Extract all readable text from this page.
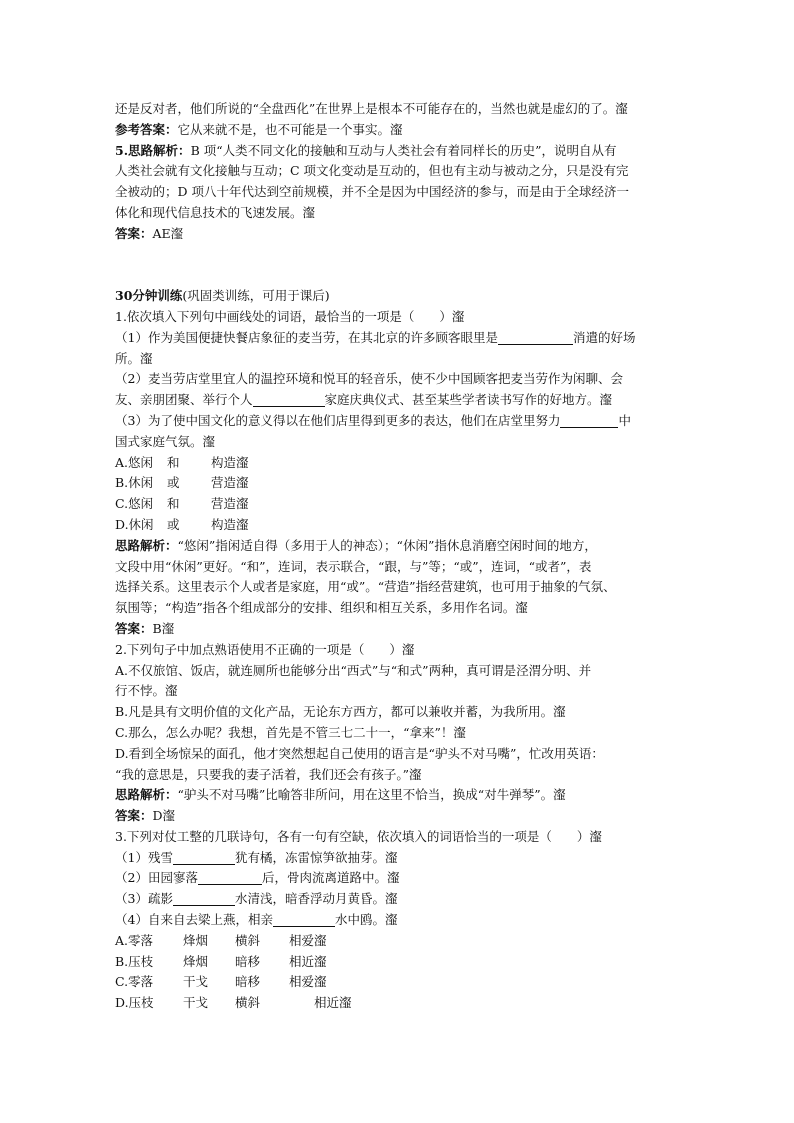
还是反对者，他们所说的“全盘西化”在世界上是根本不可能存在的，当然也就是虚幻的了。瀣

参考答案：它从来就不是，也不可能是一个事实。瀣

5.思路解析：B 项“人类不同文化的接触和互动与人类社会有着同样长的历史”，说明自从有

人类社会就有文化接触与互动；C 项文化变动是互动的，但也有主动与被动之分，只是没有完

全被动的；D 项八十年代达到空前规模，并不全是因为中国经济的参与，而是由于全球经济一

体化和现代信息技术的飞速发展。瀣

答案：AE瀣

30分钟训练(巩固类训练，可用于课后)

1.依次填入下列句中画线处的词语，最恰当的一项是（　　）瀣

（1）作为美国便捷快餐店象征的麦当劳，在其北京的许多顾客眼里是	消遣的好场

所。瀣

（2）麦当劳店堂里宜人的温控环境和悦耳的轻音乐，使不少中国顾客把麦当劳作为闲聊、会

友、亲朋团聚、举行个人	家庭庆典仪式、甚至某些学者读书写作的好地方。瀣

（3）为了使中国文化的意义得以在他们店里得到更多的表达，他们在店堂里努力	中

国式家庭气氛。瀣

A.悠闲	和	构造瀣

B.休闲	或	营造瀣

C.悠闲	和	营造瀣

D.休闲	或	构造瀣

思路解析：“悠闲”指闲适自得（多用于人的神态）；“休闲”指休息消磨空闲时间的地方，

文段中用“休闲”更好。“和”，连词，表示联合，“跟，与”等；“或”，连词，“或者”，表

选择关系。这里表示个人或者是家庭，用“或”。“营造”指经营建筑，也可用于抽象的气氛、

氛围等；“构造”指各个组成部分的安排、组织和相互关系，多用作名词。瀣

答案：B瀣

2.下列句子中加点熟语使用不正确的一项是（　　）瀣

A.不仅旅馆、饭店，就连厕所也能够分出“西式”与“和式”两种，真可谓是泾渭分明、并

行不悖。瀣

B.凡是具有文明价值的文化产品，无论东方西方，都可以兼收并蓄，为我所用。瀣

C.那么，怎么办呢？我想，首先是不管三七二十一，“拿来”！瀣

D.看到全场惊呆的面孔，他才突然想起自己使用的语言是“驴头不对马嘴”，忙改用英语：

“我的意思是，只要我的妻子活着，我们还会有孩子。”瀣

思路解析：“驴头不对马嘴”比喻答非所问，用在这里不恰当，换成“对牛弹琴”。瀣

答案：D瀣

3.下列对仗工整的几联诗句，各有一句有空缺，依次填入的词语恰当的一项是（　　）瀣

（1）残雪	犹有橘，冻雷惊笋欲抽芽。瀣

（2）田园寥落	后，骨肉流离道路中。瀣

（3）疏影	水清浅，暗香浮动月黄昏。瀣

（4）自来自去梁上燕，相亲	水中鸥。瀣

A.零落	烽烟	横斜	相爱瀣

B.压枝	烽烟	暗移	相近瀣

C.零落	干戈	暗移	相爱瀣

D.压枝	干戈	横斜	　　相近瀣
